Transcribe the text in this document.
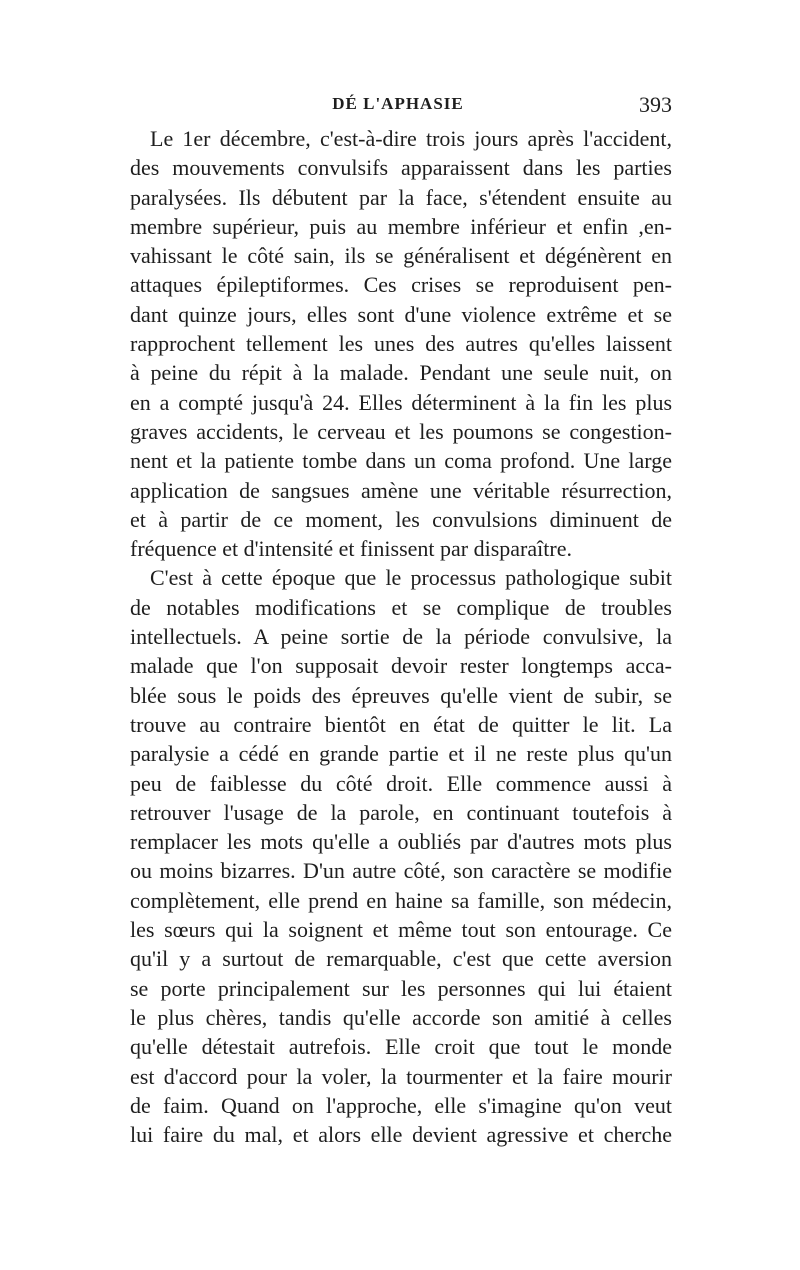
DÉ L'APHASIE	393
Le 1er décembre, c'est-à-dire trois jours après l'accident,
des mouvements convulsifs apparaissent dans les parties
paralysées. Ils débutent par la face, s'étendent ensuite au
membre supérieur, puis au membre inférieur et enfin ,en-
vahissant le côté sain, ils se généralisent et dégénèrent en
attaques épileptiformes. Ces crises se reproduisent pen-
dant quinze jours, elles sont d'une violence extrême et se
rapprochent tellement les unes des autres qu'elles laissent
à peine du répit à la malade. Pendant une seule nuit, on
en a compté jusqu'à 24. Elles déterminent à la fin les plus
graves accidents, le cerveau et les poumons se congestion-
nent et la patiente tombe dans un coma profond. Une large
application de sangsues amène une véritable résurrection,
et à partir de ce moment, les convulsions diminuent de
fréquence et d'intensité et finissent par disparaître.
C'est à cette époque que le processus pathologique subit
de notables modifications et se complique de troubles
intellectuels. A peine sortie de la période convulsive, la
malade que l'on supposait devoir rester longtemps acca-
blée sous le poids des épreuves qu'elle vient de subir, se
trouve au contraire bientôt en état de quitter le lit. La
paralysie a cédé en grande partie et il ne reste plus qu'un
peu de faiblesse du côté droit. Elle commence aussi à
retrouver l'usage de la parole, en continuant toutefois à
remplacer les mots qu'elle a oubliés par d'autres mots plus
ou moins bizarres. D'un autre côté, son caractère se modifie
complètement, elle prend en haine sa famille, son médecin,
les sœurs qui la soignent et même tout son entourage. Ce
qu'il y a surtout de remarquable, c'est que cette aversion
se porte principalement sur les personnes qui lui étaient
le plus chères, tandis qu'elle accorde son amitié à celles
qu'elle détestait autrefois. Elle croit que tout le monde
est d'accord pour la voler, la tourmenter et la faire mourir
de faim. Quand on l'approche, elle s'imagine qu'on veut
lui faire du mal, et alors elle devient agressive et cherche
